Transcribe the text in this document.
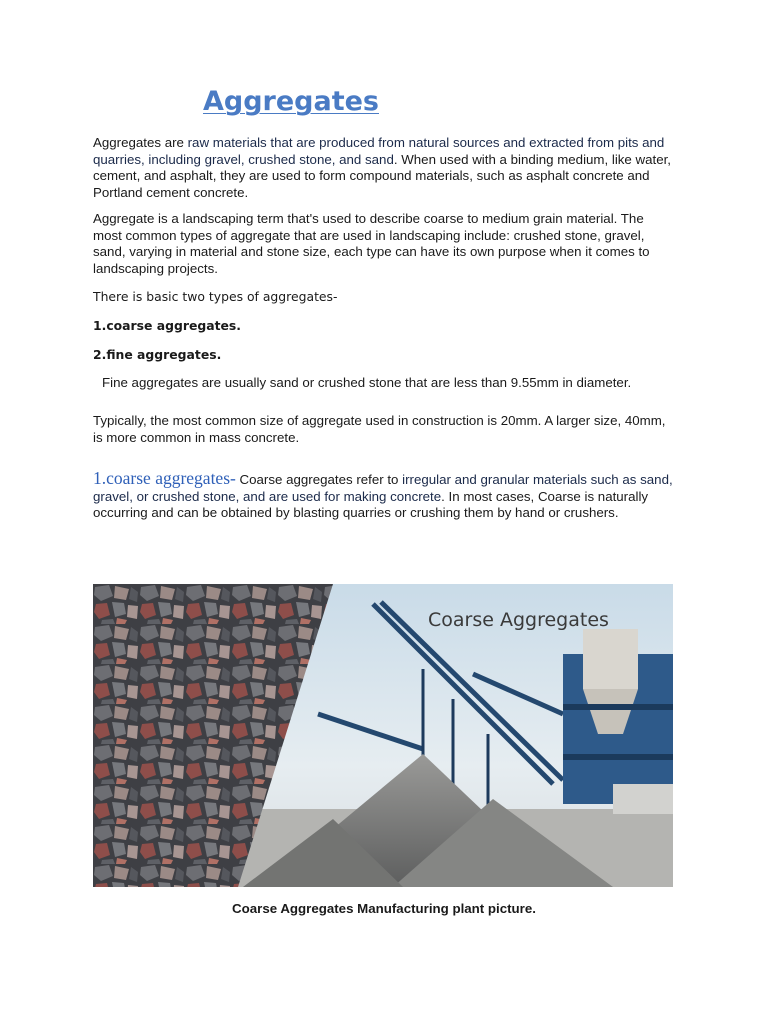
Aggregates

Aggregates are raw materials that are produced from natural sources and extracted from pits and quarries, including gravel, crushed stone, and sand. When used with a binding medium, like water, cement, and asphalt, they are used to form compound materials, such as asphalt concrete and Portland cement concrete.

Aggregate is a landscaping term that's used to describe coarse to medium grain material. The most common types of aggregate that are used in landscaping include: crushed stone, gravel, sand, varying in material and stone size, each type can have its own purpose when it comes to landscaping projects.

There is basic two types of aggregates-

1.coarse aggregates.

2.fine aggregates.

Fine aggregates are usually sand or crushed stone that are less than 9.55mm in diameter.

Typically, the most common size of aggregate used in construction is 20mm. A larger size, 40mm, is more common in mass concrete.

1.coarse aggregates- Coarse aggregates refer to irregular and granular materials such as sand, gravel, or crushed stone, and are used for making concrete. In most cases, Coarse is naturally occurring and can be obtained by blasting quarries or crushing them by hand or crushers.

Coarse Aggregates

Coarse Aggregates Manufacturing plant picture.
